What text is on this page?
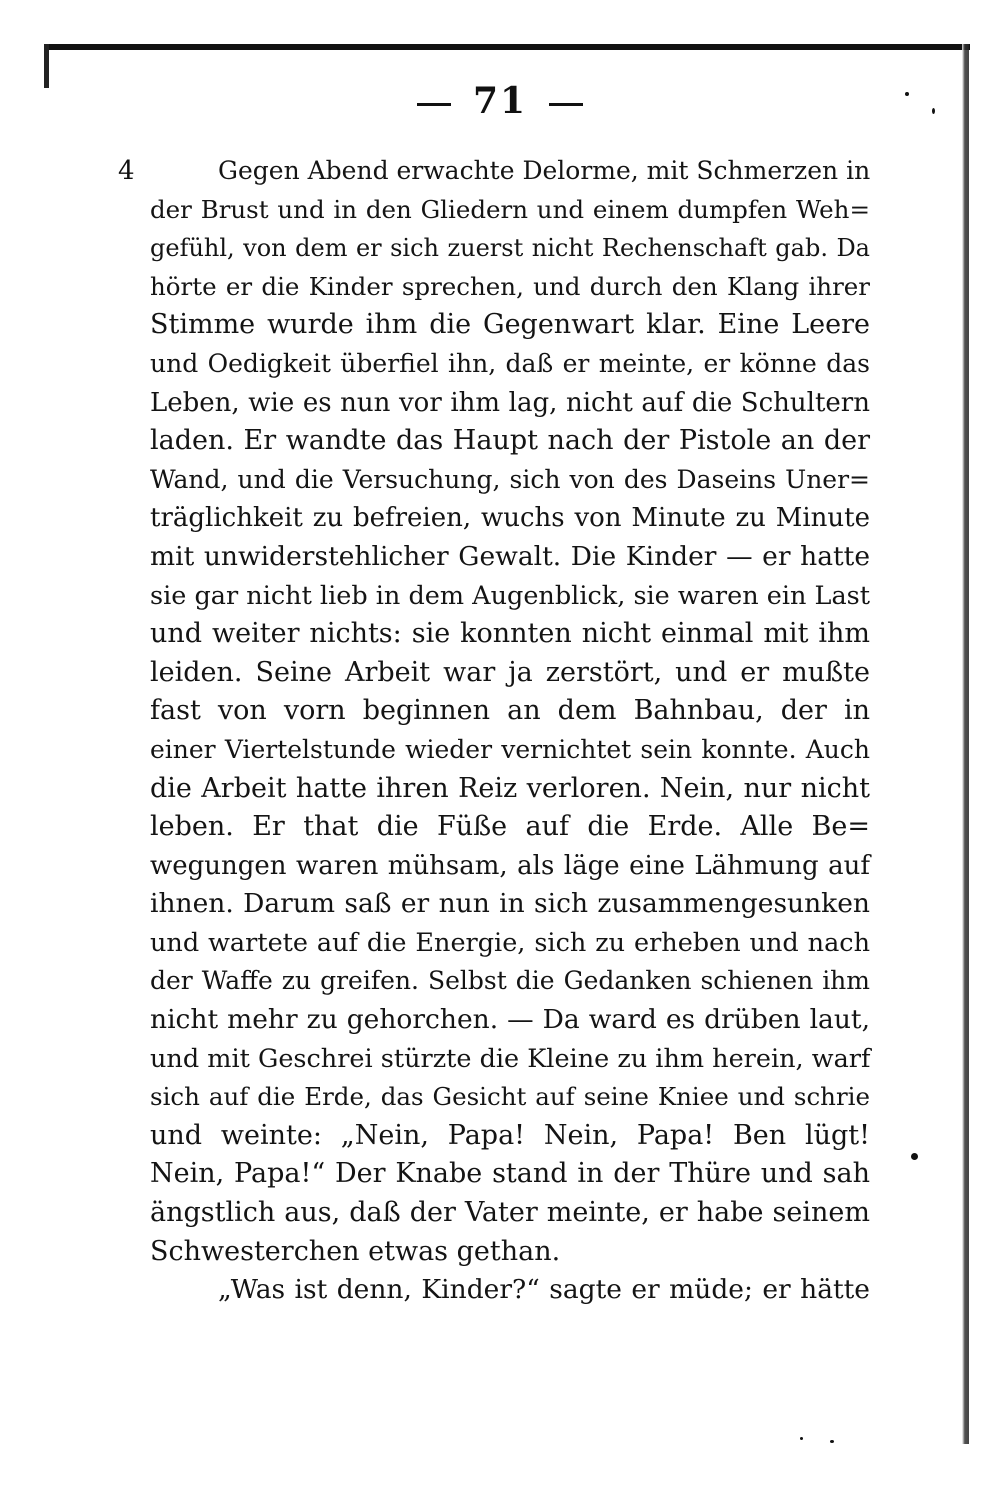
71
4	Gegen Abend erwachte Delorme, mit Schmerzen in
der Brust und in den Gliedern und einem dumpfen Weh=
gefühl, von dem er sich zuerst nicht Rechenschaft gab. Da
hörte er die Kinder sprechen, und durch den Klang ihrer
Stimme wurde ihm die Gegenwart klar. Eine Leere
und Oedigkeit überfiel ihn, daß er meinte, er könne das
Leben, wie es nun vor ihm lag, nicht auf die Schultern
laden. Er wandte das Haupt nach der Pistole an der
Wand, und die Versuchung, sich von des Daseins Uner=
träglichkeit zu befreien, wuchs von Minute zu Minute
mit unwiderstehlicher Gewalt. Die Kinder — er hatte
sie gar nicht lieb in dem Augenblick, sie waren ein Last
und weiter nichts: sie konnten nicht einmal mit ihm
leiden. Seine Arbeit war ja zerstört, und er mußte
fast von vorn beginnen an dem Bahnbau, der in
einer Viertelstunde wieder vernichtet sein konnte. Auch
die Arbeit hatte ihren Reiz verloren. Nein, nur nicht
leben. Er that die Füße auf die Erde. Alle Be=
wegungen waren mühsam, als läge eine Lähmung auf
ihnen. Darum saß er nun in sich zusammengesunken
und wartete auf die Energie, sich zu erheben und nach
der Waffe zu greifen. Selbst die Gedanken schienen ihm
nicht mehr zu gehorchen. — Da ward es drüben laut,
und mit Geschrei stürzte die Kleine zu ihm herein, warf
sich auf die Erde, das Gesicht auf seine Kniee und schrie
und weinte: „Nein, Papa! Nein, Papa! Ben lügt!
Nein, Papa!“ Der Knabe stand in der Thüre und sah
ängstlich aus, daß der Vater meinte, er habe seinem
Schwesterchen etwas gethan.
„Was ist denn, Kinder?“ sagte er müde; er hätte
